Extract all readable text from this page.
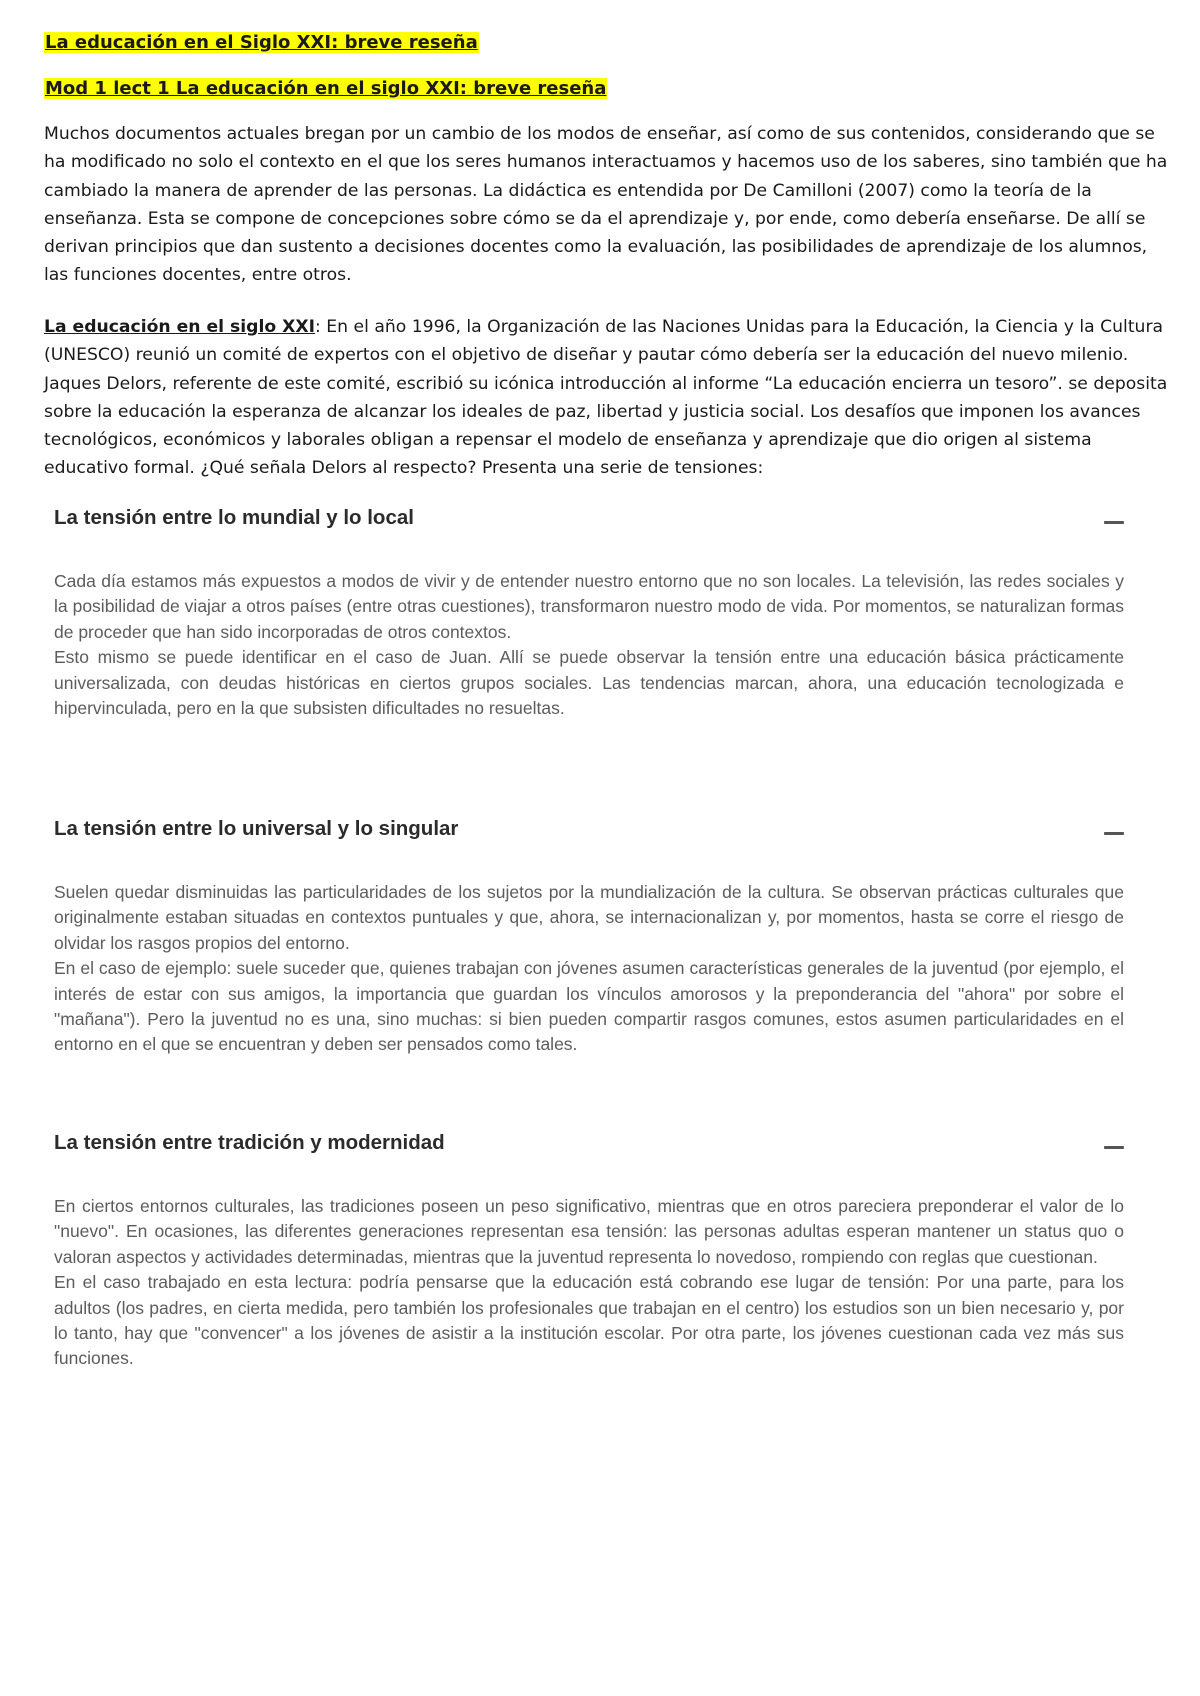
La educación en el Siglo XXI: breve reseña

Mod 1 lect 1 La educación en el siglo XXI: breve reseña

Muchos documentos actuales bregan por un cambio de los modos de enseñar, así como de sus contenidos, considerando que se ha modificado no solo el contexto en el que los seres humanos interactuamos y hacemos uso de los saberes, sino también que ha cambiado la manera de aprender de las personas. La didáctica es entendida por De Camilloni (2007) como la teoría de la enseñanza. Esta se compone de concepciones sobre cómo se da el aprendizaje y, por ende, como debería enseñarse. De allí se derivan principios que dan sustento a decisiones docentes como la evaluación, las posibilidades de aprendizaje de los alumnos, las funciones docentes, entre otros.

La educación en el siglo XXI: En el año 1996, la Organización de las Naciones Unidas para la Educación, la Ciencia y la Cultura (UNESCO) reunió un comité de expertos con el objetivo de diseñar y pautar cómo debería ser la educación del nuevo milenio. Jaques Delors, referente de este comité, escribió su icónica introducción al informe “La educación encierra un tesoro”. se deposita sobre la educación la esperanza de alcanzar los ideales de paz, libertad y justicia social. Los desafíos que imponen los avances tecnológicos, económicos y laborales obligan a repensar el modelo de enseñanza y aprendizaje que dio origen al sistema educativo formal. ¿Qué señala Delors al respecto? Presenta una serie de tensiones:

La tensión entre lo mundial y lo local

Cada día estamos más expuestos a modos de vivir y de entender nuestro entorno que no son locales. La televisión, las redes sociales y la posibilidad de viajar a otros países (entre otras cuestiones), transformaron nuestro modo de vida. Por momentos, se naturalizan formas de proceder que han sido incorporadas de otros contextos.

Esto mismo se puede identificar en el caso de Juan. Allí se puede observar la tensión entre una educación básica prácticamente universalizada, con deudas históricas en ciertos grupos sociales. Las tendencias marcan, ahora, una educación tecnologizada e hipervinculada, pero en la que subsisten dificultades no resueltas.

La tensión entre lo universal y lo singular

Suelen quedar disminuidas las particularidades de los sujetos por la mundialización de la cultura. Se observan prácticas culturales que originalmente estaban situadas en contextos puntuales y que, ahora, se internacionalizan y, por momentos, hasta se corre el riesgo de olvidar los rasgos propios del entorno.

En el caso de ejemplo: suele suceder que, quienes trabajan con jóvenes asumen características generales de la juventud (por ejemplo, el interés de estar con sus amigos, la importancia que guardan los vínculos amorosos y la preponderancia del "ahora" por sobre el "mañana"). Pero la juventud no es una, sino muchas: si bien pueden compartir rasgos comunes, estos asumen particularidades en el entorno en el que se encuentran y deben ser pensados como tales.

La tensión entre tradición y modernidad

En ciertos entornos culturales, las tradiciones poseen un peso significativo, mientras que en otros pareciera preponderar el valor de lo "nuevo". En ocasiones, las diferentes generaciones representan esa tensión: las personas adultas esperan mantener un status quo o valoran aspectos y actividades determinadas, mientras que la juventud representa lo novedoso, rompiendo con reglas que cuestionan.

En el caso trabajado en esta lectura: podría pensarse que la educación está cobrando ese lugar de tensión: Por una parte, para los adultos (los padres, en cierta medida, pero también los profesionales que trabajan en el centro) los estudios son un bien necesario y, por lo tanto, hay que "convencer" a los jóvenes de asistir a la institución escolar. Por otra parte, los jóvenes cuestionan cada vez más sus funciones.
